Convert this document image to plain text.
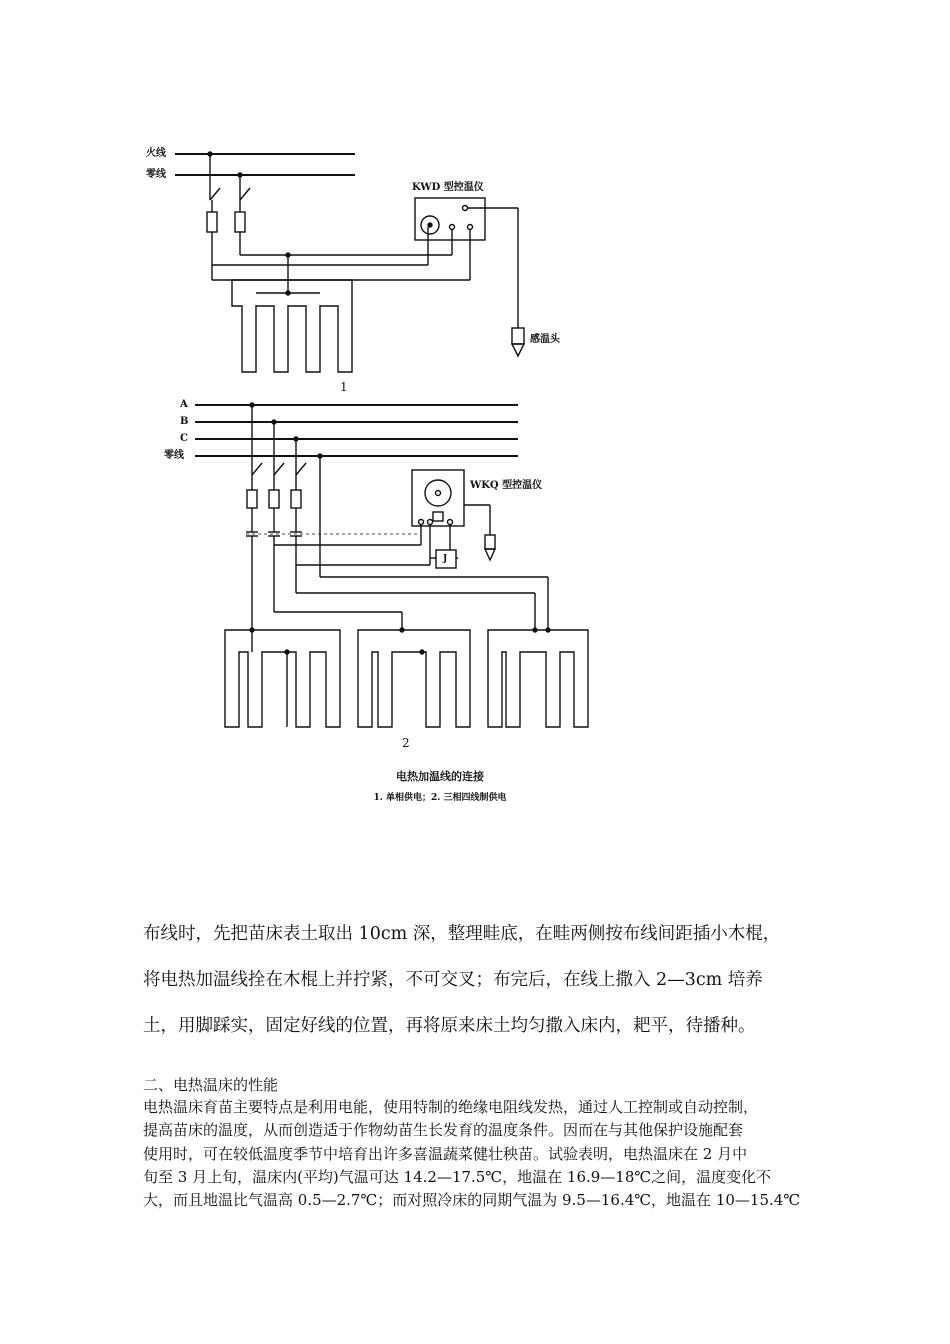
火线
零线
KWD 型控温仪
感温头
1
A
B
C
零线
WKQ 型控温仪
J
2
电热加温线的连接
1. 单相供电；2. 三相四线制供电
布线时，先把苗床表土取出 10cm 深，整理畦底，在畦两侧按布线间距插小木棍，
将电热加温线拴在木棍上并拧紧，不可交叉；布完后，在线上撒入 2—3cm 培养
土，用脚踩实，固定好线的位置，再将原来床土均匀撒入床内，耙平，待播种。
二、电热温床的性能
电热温床育苗主要特点是利用电能，使用特制的绝缘电阻线发热，通过人工控制或自动控制，
提高苗床的温度，从而创造适于作物幼苗生长发育的温度条件。因而在与其他保护设施配套
使用时，可在较低温度季节中培育出许多喜温蔬菜健壮秧苗。试验表明，电热温床在 2 月中
旬至 3 月上旬，温床内(平均)气温可达 14.2—17.5℃，地温在 16.9—18℃之间，温度变化不
大，而且地温比气温高 0.5—2.7℃；而对照冷床的同期气温为 9.5—16.4℃，地温在 10—15.4℃
